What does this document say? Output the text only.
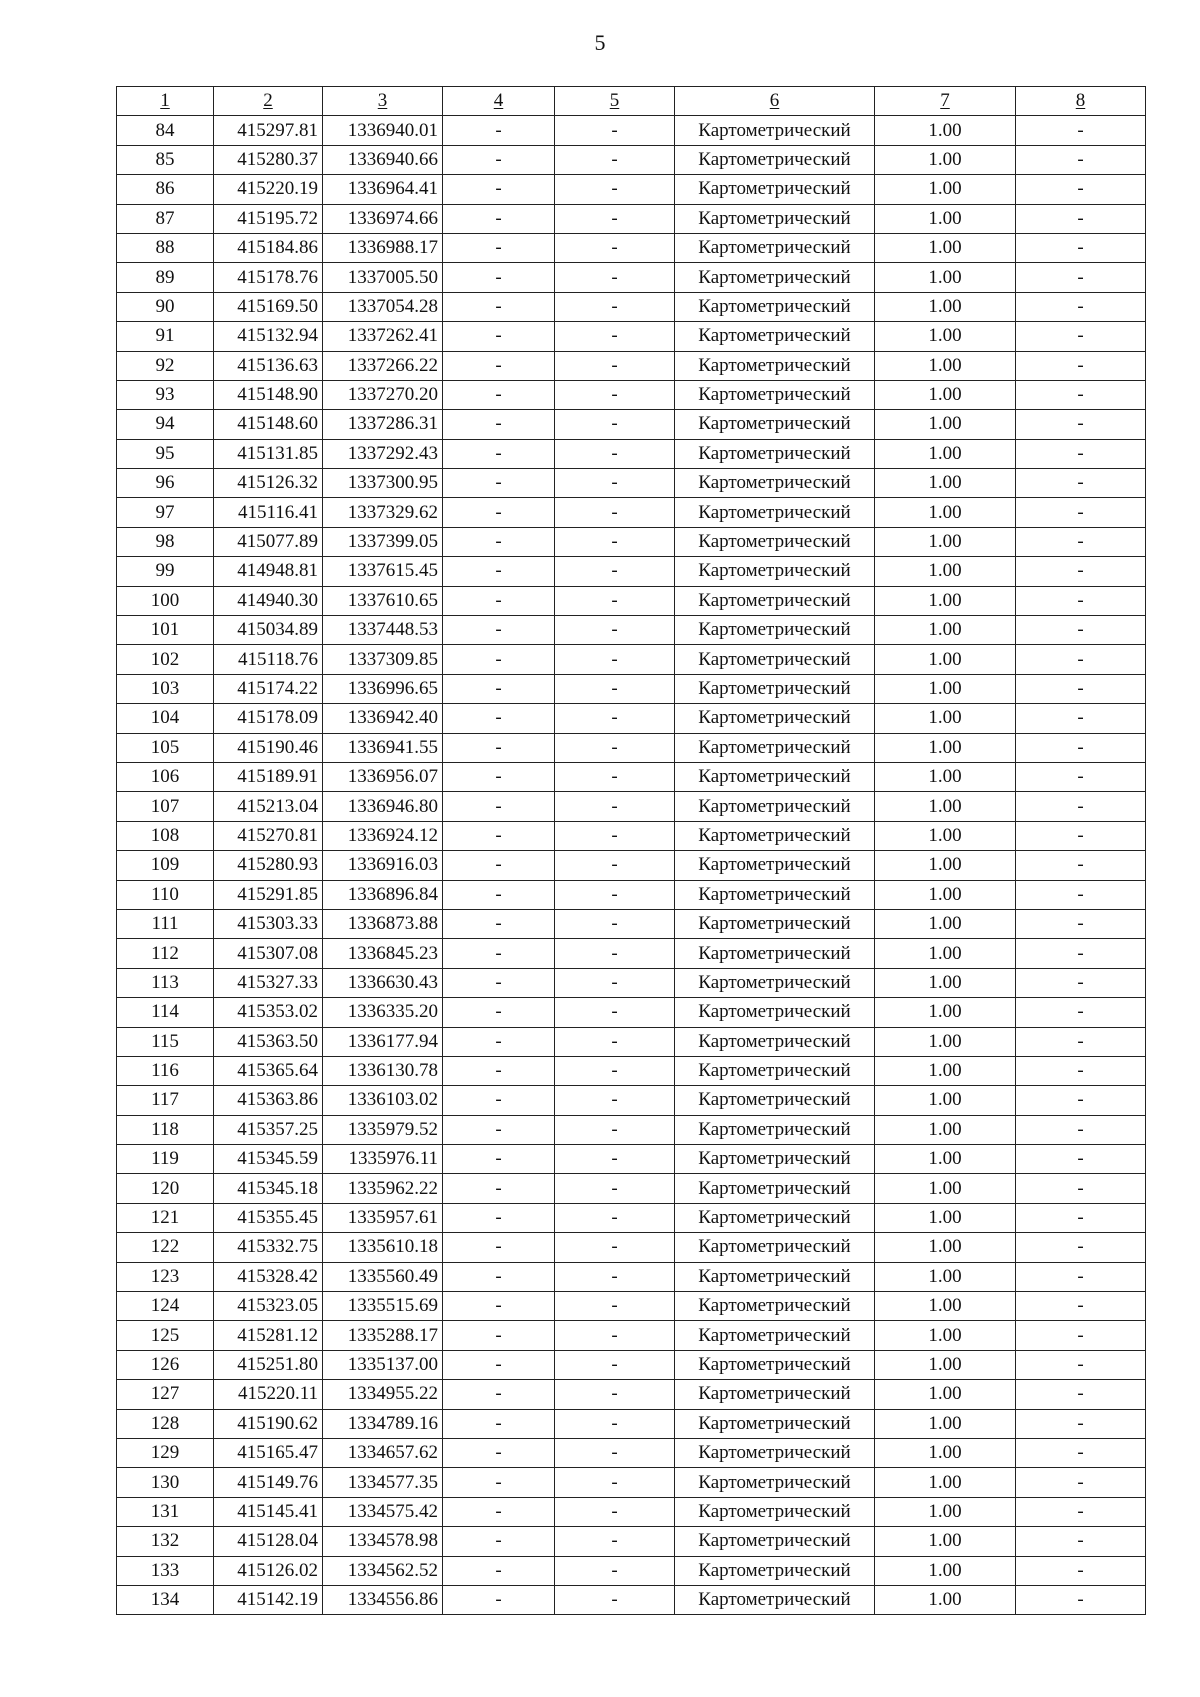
5
1	2	3	4	5	6	7	8
84	415297.81	1336940.01	-	-	Картометрический	1.00	-
85	415280.37	1336940.66	-	-	Картометрический	1.00	-
86	415220.19	1336964.41	-	-	Картометрический	1.00	-
87	415195.72	1336974.66	-	-	Картометрический	1.00	-
88	415184.86	1336988.17	-	-	Картометрический	1.00	-
89	415178.76	1337005.50	-	-	Картометрический	1.00	-
90	415169.50	1337054.28	-	-	Картометрический	1.00	-
91	415132.94	1337262.41	-	-	Картометрический	1.00	-
92	415136.63	1337266.22	-	-	Картометрический	1.00	-
93	415148.90	1337270.20	-	-	Картометрический	1.00	-
94	415148.60	1337286.31	-	-	Картометрический	1.00	-
95	415131.85	1337292.43	-	-	Картометрический	1.00	-
96	415126.32	1337300.95	-	-	Картометрический	1.00	-
97	415116.41	1337329.62	-	-	Картометрический	1.00	-
98	415077.89	1337399.05	-	-	Картометрический	1.00	-
99	414948.81	1337615.45	-	-	Картометрический	1.00	-
100	414940.30	1337610.65	-	-	Картометрический	1.00	-
101	415034.89	1337448.53	-	-	Картометрический	1.00	-
102	415118.76	1337309.85	-	-	Картометрический	1.00	-
103	415174.22	1336996.65	-	-	Картометрический	1.00	-
104	415178.09	1336942.40	-	-	Картометрический	1.00	-
105	415190.46	1336941.55	-	-	Картометрический	1.00	-
106	415189.91	1336956.07	-	-	Картометрический	1.00	-
107	415213.04	1336946.80	-	-	Картометрический	1.00	-
108	415270.81	1336924.12	-	-	Картометрический	1.00	-
109	415280.93	1336916.03	-	-	Картометрический	1.00	-
110	415291.85	1336896.84	-	-	Картометрический	1.00	-
111	415303.33	1336873.88	-	-	Картометрический	1.00	-
112	415307.08	1336845.23	-	-	Картометрический	1.00	-
113	415327.33	1336630.43	-	-	Картометрический	1.00	-
114	415353.02	1336335.20	-	-	Картометрический	1.00	-
115	415363.50	1336177.94	-	-	Картометрический	1.00	-
116	415365.64	1336130.78	-	-	Картометрический	1.00	-
117	415363.86	1336103.02	-	-	Картометрический	1.00	-
118	415357.25	1335979.52	-	-	Картометрический	1.00	-
119	415345.59	1335976.11	-	-	Картометрический	1.00	-
120	415345.18	1335962.22	-	-	Картометрический	1.00	-
121	415355.45	1335957.61	-	-	Картометрический	1.00	-
122	415332.75	1335610.18	-	-	Картометрический	1.00	-
123	415328.42	1335560.49	-	-	Картометрический	1.00	-
124	415323.05	1335515.69	-	-	Картометрический	1.00	-
125	415281.12	1335288.17	-	-	Картометрический	1.00	-
126	415251.80	1335137.00	-	-	Картометрический	1.00	-
127	415220.11	1334955.22	-	-	Картометрический	1.00	-
128	415190.62	1334789.16	-	-	Картометрический	1.00	-
129	415165.47	1334657.62	-	-	Картометрический	1.00	-
130	415149.76	1334577.35	-	-	Картометрический	1.00	-
131	415145.41	1334575.42	-	-	Картометрический	1.00	-
132	415128.04	1334578.98	-	-	Картометрический	1.00	-
133	415126.02	1334562.52	-	-	Картометрический	1.00	-
134	415142.19	1334556.86	-	-	Картометрический	1.00	-
